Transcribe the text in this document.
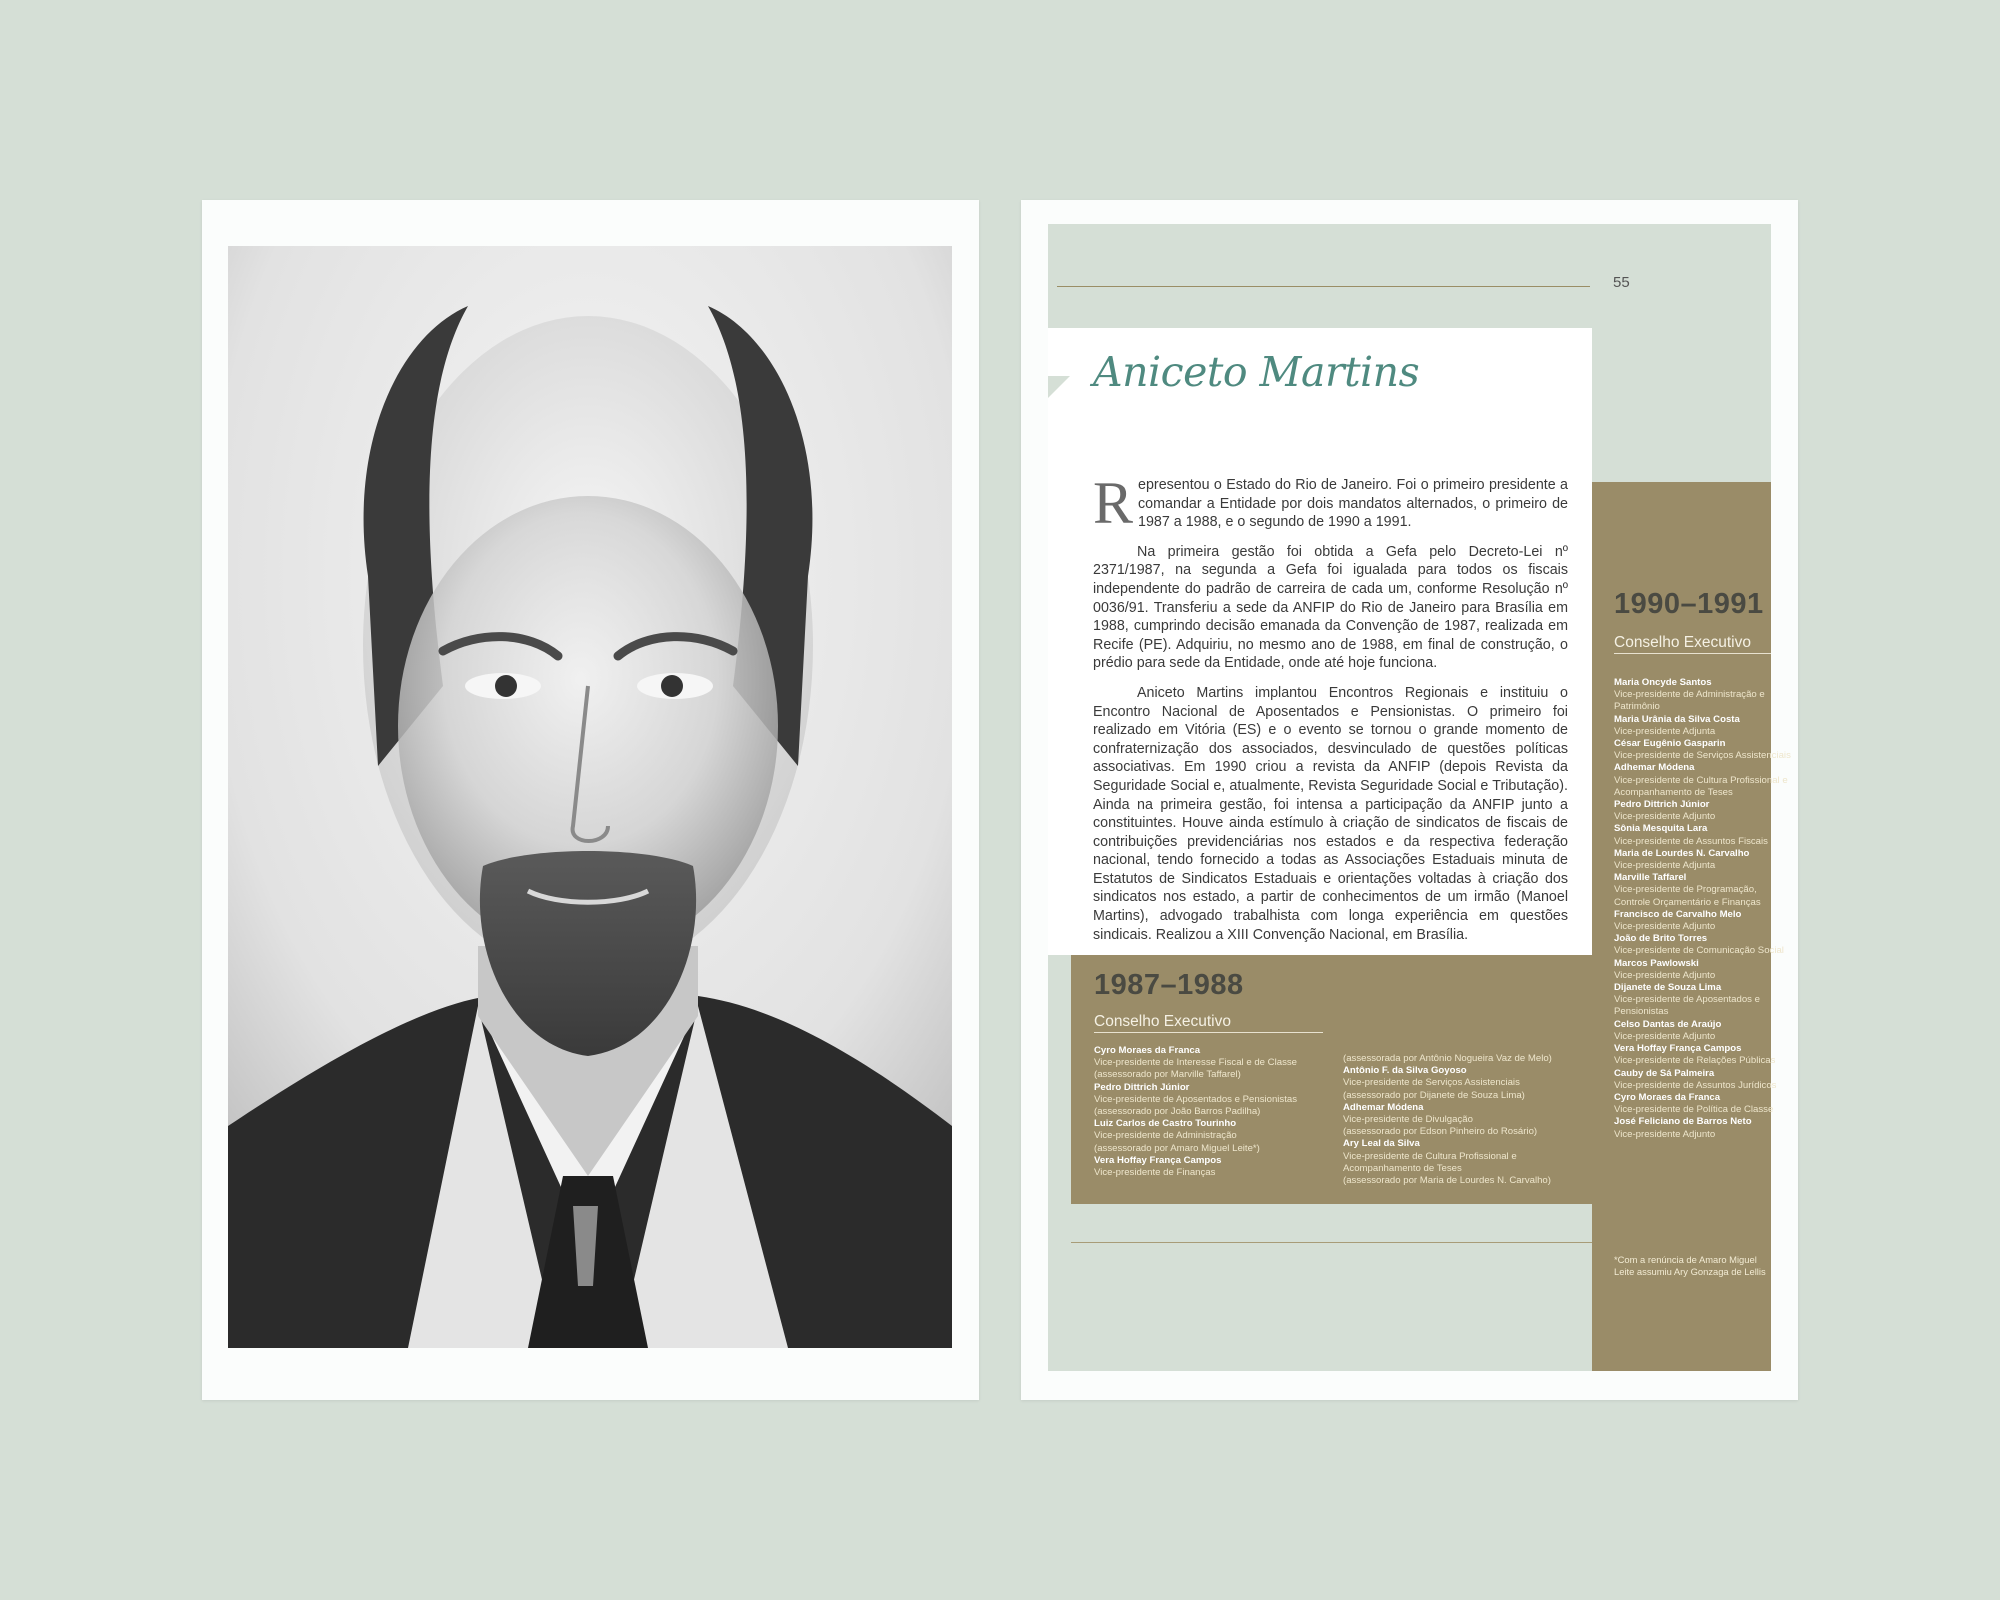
55
Aniceto Martins

Representou o Estado do Rio de Janeiro. Foi o primeiro presidente a comandar a Entidade por dois mandatos alternados, o primeiro de 1987 a 1988, e o segundo de 1990 a 1991.

Na primeira gestão foi obtida a Gefa pelo Decreto-Lei nº 2371/1987, na segunda a Gefa foi igualada para todos os fiscais independente do padrão de carreira de cada um, conforme Resolução nº 0036/91. Transferiu a sede da ANFIP do Rio de Janeiro para Brasília em 1988, cumprindo decisão emanada da Convenção de 1987, realizada em Recife (PE). Adquiriu, no mesmo ano de 1988, em final de construção, o prédio para sede da Entidade, onde até hoje funciona.

Aniceto Martins implantou Encontros Regionais e instituiu o Encontro Nacional de Aposentados e Pensionistas. O primeiro foi realizado em Vitória (ES) e o evento se tornou o grande momento de confraternização dos associados, desvinculado de questões políticas associativas. Em 1990 criou a revista da ANFIP (depois Revista da Seguridade Social e, atualmente, Revista Seguridade Social e Tributação). Ainda na primeira gestão, foi intensa a participação da ANFIP junto a constituintes. Houve ainda estímulo à criação de sindicatos de fiscais de contribuições previdenciárias nos estados e da respectiva federação nacional, tendo fornecido a todas as Associações Estaduais minuta de Estatutos de Sindicatos Estaduais e orientações voltadas à criação dos sindicatos nos estado, a partir de conhecimentos de um irmão (Manoel Martins), advogado trabalhista com longa experiência em questões sindicais. Realizou a XIII Convenção Nacional, em Brasília.

1987–1988
Conselho Executivo
Cyro Moraes da Franca
Vice-presidente de Interesse Fiscal e de Classe
(assessorado por Marville Taffarel)
Pedro Dittrich Júnior
Vice-presidente de Aposentados e Pensionistas
(assessorado por João Barros Padilha)
Luiz Carlos de Castro Tourinho
Vice-presidente de Administração
(assessorado por Amaro Miguel Leite*)
Vera Hoffay França Campos
Vice-presidente de Finanças
(assessorada por Antônio Nogueira Vaz de Melo)
Antônio F. da Silva Goyoso
Vice-presidente de Serviços Assistenciais
(assessorado por Dijanete de Souza Lima)
Adhemar Módena
Vice-presidente de Divulgação
(assessorado por Edson Pinheiro do Rosário)
Ary Leal da Silva
Vice-presidente de Cultura Profissional e
Acompanhamento de Teses
(assessorado por Maria de Lourdes N. Carvalho)
1990–1991
Conselho Executivo
Maria Oncyde Santos
Vice-presidente de Administração e
Patrimônio
Maria Urânia da Silva Costa
Vice-presidente Adjunta
César Eugênio Gasparin
Vice-presidente de Serviços Assistenciais
Adhemar Módena
Vice-presidente de Cultura Profissional e
Acompanhamento de Teses
Pedro Dittrich Júnior
Vice-presidente Adjunto
Sônia Mesquita Lara
Vice-presidente de Assuntos Fiscais
Maria de Lourdes N. Carvalho
Vice-presidente Adjunta
Marville Taffarel
Vice-presidente de Programação,
Controle Orçamentário e Finanças
Francisco de Carvalho Melo
Vice-presidente Adjunto
João de Brito Torres
Vice-presidente de Comunicação Social
Marcos Pawlowski
Vice-presidente Adjunto
Dijanete de Souza Lima
Vice-presidente de Aposentados e
Pensionistas
Celso Dantas de Araújo
Vice-presidente Adjunto
Vera Hoffay França Campos
Vice-presidente de Relações Públicas
Cauby de Sá Palmeira
Vice-presidente de Assuntos Jurídicos
Cyro Moraes da Franca
Vice-presidente de Política de Classe
José Feliciano de Barros Neto
Vice-presidente Adjunto
*Com a renúncia de Amaro Miguel Leite assumiu Ary Gonzaga de Lellis
